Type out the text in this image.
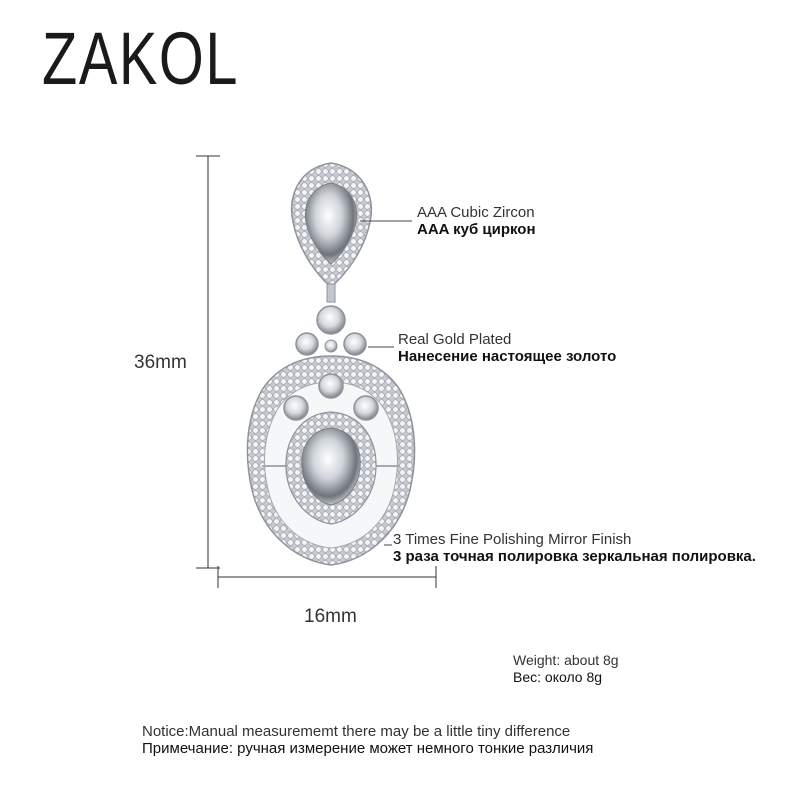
ZAKOL
36mm
16mm
AAA Cubic Zircon
AAA куб циркон
Real Gold Plated
Нанесение настоящее золото
3 Times Fine Polishing Mirror Finish
3 раза точная полировка зеркальная полировка.
Weight: about 8g
Вес: около 8g
Notice:Manual measurememt there may be a little tiny difference
Примечание: ручная измерение может немного тонкие различия
